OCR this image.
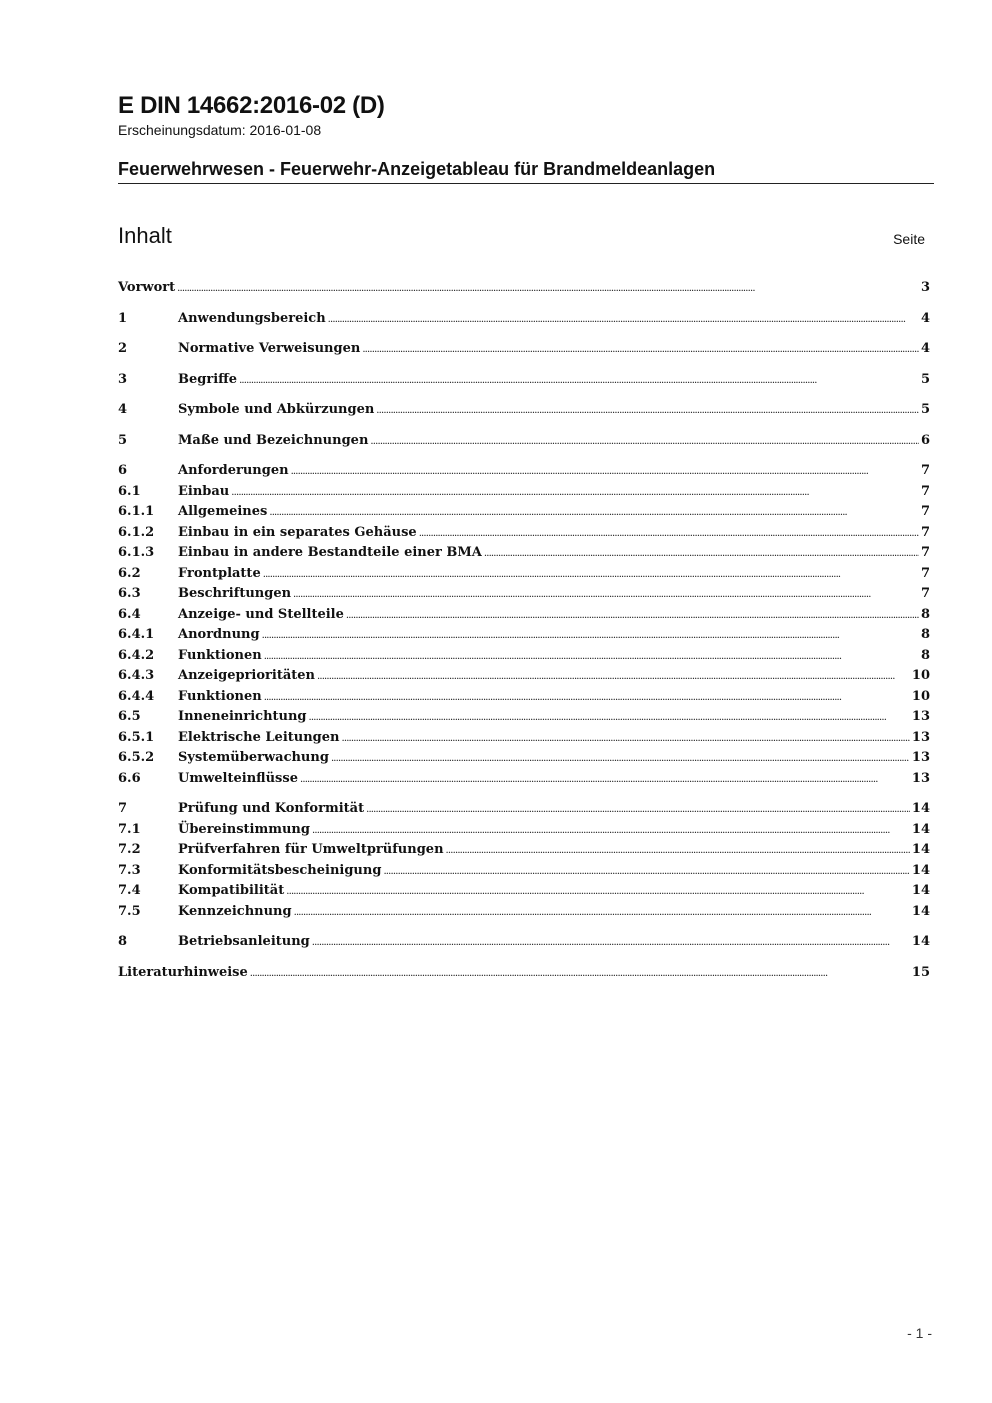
E DIN 14662:2016-02 (D)
Erscheinungsdatum: 2016-01-08
Feuerwehrwesen - Feuerwehr-Anzeigetableau für Brandmeldeanlagen
Inhalt	Seite
Vorwort . . .	3
1	Anwendungsbereich . . .	4
2	Normative Verweisungen . . .	4
3	Begriffe . . .	5
4	Symbole und Abkürzungen . . .	5
5	Maße und Bezeichnungen . . .	6
6	Anforderungen . . .	7
6.1	Einbau . . .	7
6.1.1	Allgemeines . . .	7
6.1.2	Einbau in ein separates Gehäuse . . .	7
6.1.3	Einbau in andere Bestandteile einer BMA . . .	7
6.2	Frontplatte . . .	7
6.3	Beschriftungen . . .	7
6.4	Anzeige- und Stellteile . . .	8
6.4.1	Anordnung . . .	8
6.4.2	Funktionen . . .	8
6.4.3	Anzeigeprioritäten . . .	10
6.4.4	Funktionen . . .	10
6.5	Inneneinrichtung . . .	13
6.5.1	Elektrische Leitungen . . .	13
6.5.2	Systemüberwachung . . .	13
6.6	Umwelteinflüsse . . .	13
7	Prüfung und Konformität . . .	14
7.1	Übereinstimmung . . .	14
7.2	Prüfverfahren für Umweltprüfungen . . .	14
7.3	Konformitätsbescheinigung . . .	14
7.4	Kompatibilität . . .	14
7.5	Kennzeichnung . . .	14
8	Betriebsanleitung . . .	14
Literaturhinweise . . .	15
- 1 -
